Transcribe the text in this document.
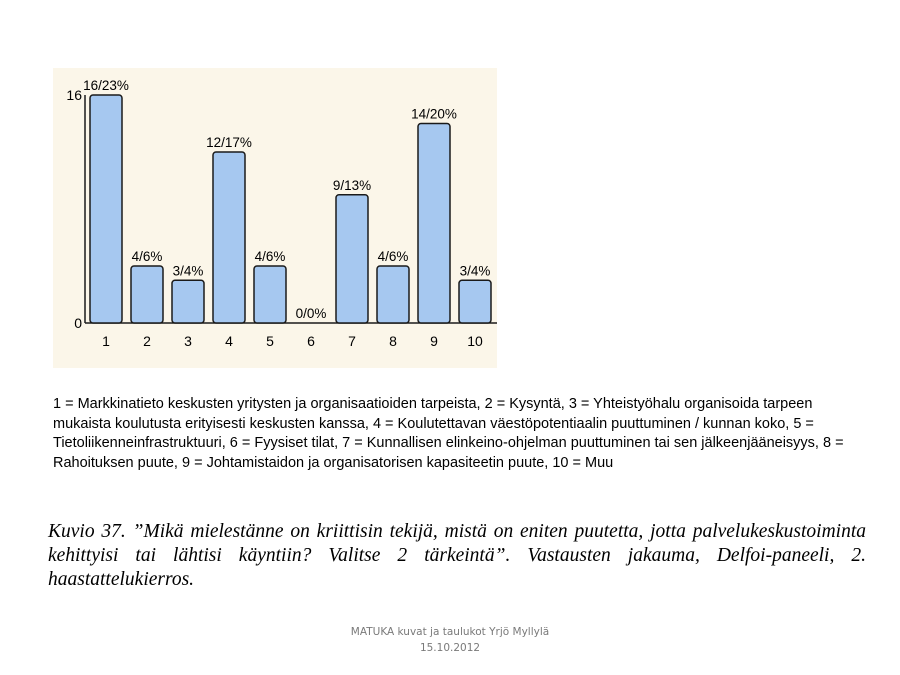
0
16
16/23%
1
4/6%
2
3/4%
3
12/17%
4
4/6%
5
0/0%
6
9/13%
7
4/6%
8
14/20%
9
3/4%
10
1 = Markkinatieto keskusten yritysten ja organisaatioiden tarpeista, 2 = Kysyntä, 3 = Yhteistyöhalu organisoida tarpeen mukaista koulutusta erityisesti keskusten kanssa, 4 = Koulutettavan väestöpotentiaalin puuttuminen / kunnan koko, 5 = Tietoliikenneinfrastruktuuri, 6 = Fyysiset tilat, 7 = Kunnallisen elinkeino-ohjelman puuttuminen tai sen jälkeenjääneisyys, 8 = Rahoituksen puute, 9 = Johtamistaidon ja organisatorisen kapasiteetin puute, 10 = Muu
Kuvio 37. ”Mikä mielestänne on kriittisin tekijä, mistä on eniten puutetta, jotta palvelukeskustoiminta kehittyisi tai lähtisi käyntiin? Valitse 2 tärkeintä”. Vastausten jakauma, Delfoi-paneeli, 2. haastattelukierros.
MATUKA kuvat ja taulukot Yrjö Myllylä
15.10.2012
